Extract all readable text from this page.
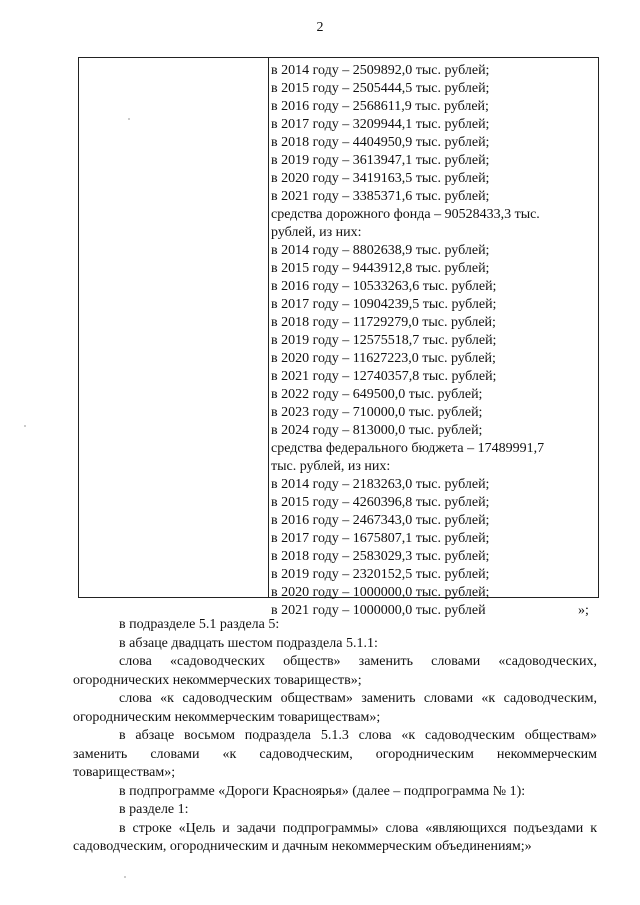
2
в 2014 году – 2509892,0 тыс. рублей;
в 2015 году – 2505444,5 тыс. рублей;
в 2016 году – 2568611,9 тыс. рублей;
в 2017 году – 3209944,1 тыс. рублей;
в 2018 году – 4404950,9 тыс. рублей;
в 2019 году – 3613947,1 тыс. рублей;
в 2020 году – 3419163,5 тыс. рублей;
в 2021 году – 3385371,6 тыс. рублей;
средства дорожного фонда – 90528433,3 тыс.
рублей, из них:
в 2014 году – 8802638,9 тыс. рублей;
в 2015 году – 9443912,8 тыс. рублей;
в 2016 году – 10533263,6 тыс. рублей;
в 2017 году – 10904239,5 тыс. рублей;
в 2018 году – 11729279,0 тыс. рублей;
в 2019 году – 12575518,7 тыс. рублей;
в 2020 году – 11627223,0 тыс. рублей;
в 2021 году – 12740357,8 тыс. рублей;
в 2022 году – 649500,0 тыс. рублей;
в 2023 году – 710000,0 тыс. рублей;
в 2024 году – 813000,0 тыс. рублей;
средства федерального бюджета – 17489991,7
тыс. рублей, из них:
в 2014 году – 2183263,0 тыс. рублей;
в 2015 году – 4260396,8 тыс. рублей;
в 2016 году – 2467343,0 тыс. рублей;
в 2017 году – 1675807,1 тыс. рублей;
в 2018 году – 2583029,3 тыс. рублей;
в 2019 году – 2320152,5 тыс. рублей;
в 2020 году – 1000000,0 тыс. рублей;
в 2021 году – 1000000,0 тыс. рублей	»;

в подразделе 5.1 раздела 5:

в абзаце двадцать шестом подраздела 5.1.1:

слова «садоводческих обществ» заменить словами «садоводческих, огороднических некоммерческих товариществ»;

слова «к садоводческим обществам» заменить словами «к садоводческим, огородническим некоммерческим товариществам»;

в абзаце восьмом подраздела 5.1.3 слова «к садоводческим обществам» заменить словами «к садоводческим, огородническим некоммерческим товариществам»;

в подпрограмме «Дороги Красноярья» (далее – подпрограмма № 1):

в разделе 1:

в строке «Цель и задачи подпрограммы» слова «являющихся подъездами к садоводческим, огородническим и дачным некоммерческим объединениям;»
